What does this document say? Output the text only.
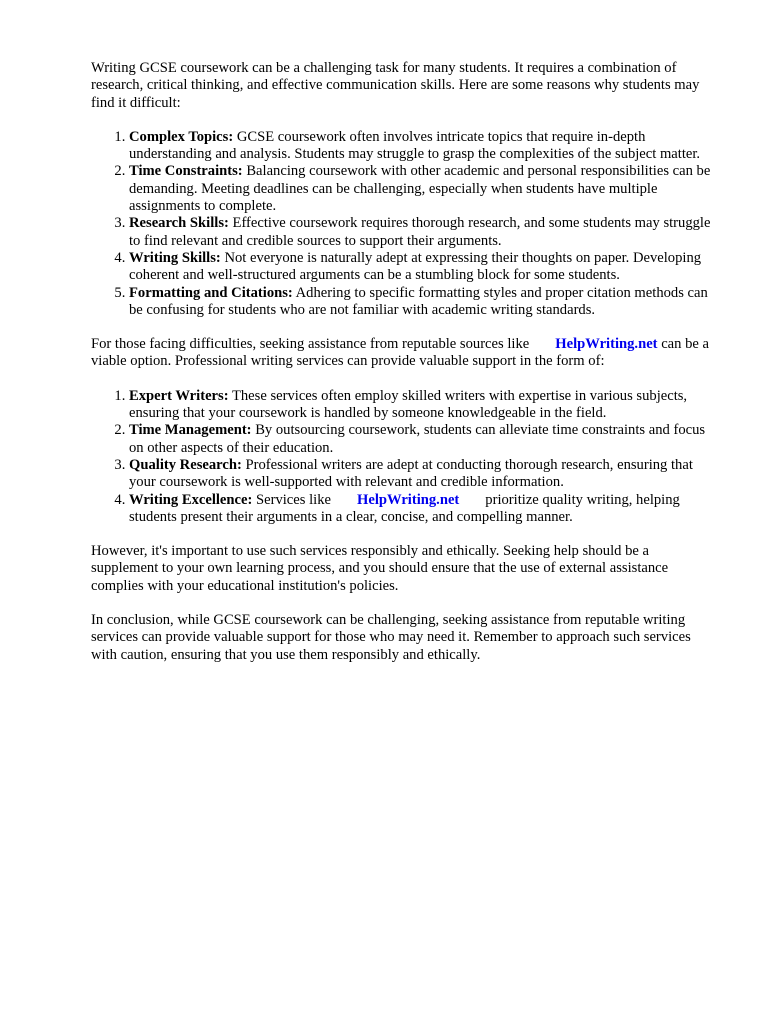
Writing GCSE coursework can be a challenging task for many students. It requires a combination of research, critical thinking, and effective communication skills. Here are some reasons why students may find it difficult:

1. Complex Topics: GCSE coursework often involves intricate topics that require in-depth understanding and analysis. Students may struggle to grasp the complexities of the subject matter.
2. Time Constraints: Balancing coursework with other academic and personal responsibilities can be demanding. Meeting deadlines can be challenging, especially when students have multiple assignments to complete.
3. Research Skills: Effective coursework requires thorough research, and some students may struggle to find relevant and credible sources to support their arguments.
4. Writing Skills: Not everyone is naturally adept at expressing their thoughts on paper. Developing coherent and well-structured arguments can be a stumbling block for some students.
5. Formatting and Citations: Adhering to specific formatting styles and proper citation methods can be confusing for students who are not familiar with academic writing standards.

For those facing difficulties, seeking assistance from reputable sources like HelpWriting.net can be a viable option. Professional writing services can provide valuable support in the form of:

1. Expert Writers: These services often employ skilled writers with expertise in various subjects, ensuring that your coursework is handled by someone knowledgeable in the field.
2. Time Management: By outsourcing coursework, students can alleviate time constraints and focus on other aspects of their education.
3. Quality Research: Professional writers are adept at conducting thorough research, ensuring that your coursework is well-supported with relevant and credible information.
4. Writing Excellence: Services like HelpWriting.net prioritize quality writing, helping students present their arguments in a clear, concise, and compelling manner.

However, it's important to use such services responsibly and ethically. Seeking help should be a supplement to your own learning process, and you should ensure that the use of external assistance complies with your educational institution's policies.

In conclusion, while GCSE coursework can be challenging, seeking assistance from reputable writing services can provide valuable support for those who may need it. Remember to approach such services with caution, ensuring that you use them responsibly and ethically.
